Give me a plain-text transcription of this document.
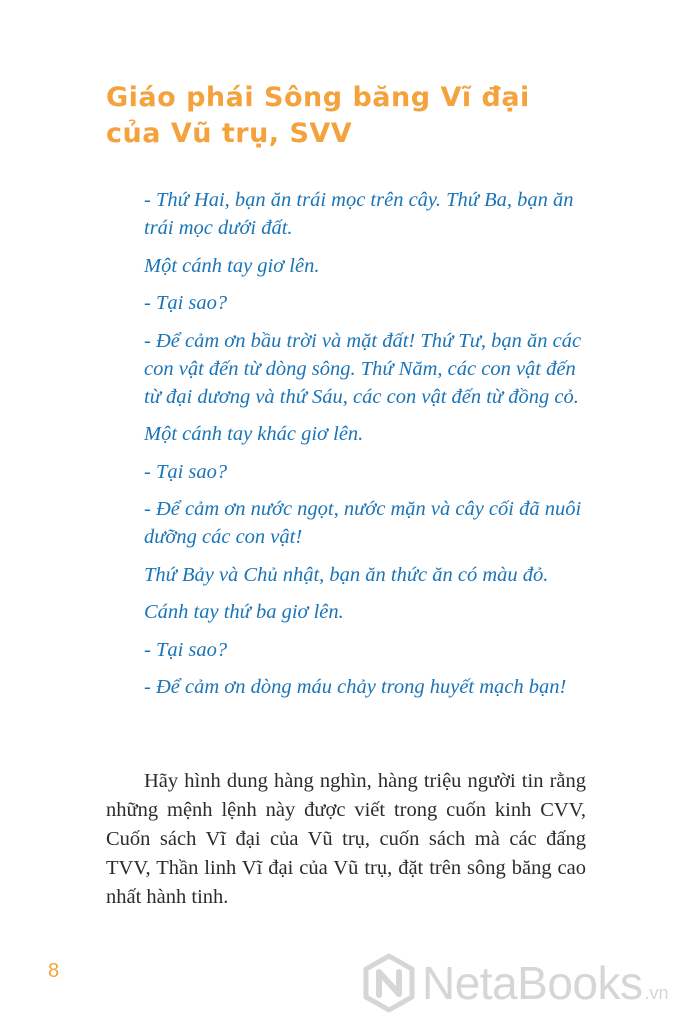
Giáo phái Sông băng Vĩ đại
của Vũ trụ, SVV

- Thứ Hai, bạn ăn trái mọc trên cây. Thứ Ba, bạn ăn trái mọc dưới đất.

Một cánh tay giơ lên.

- Tại sao?

- Để cảm ơn bầu trời và mặt đất! Thứ Tư, bạn ăn các con vật đến từ dòng sông. Thứ Năm, các con vật đến từ đại dương và thứ Sáu, các con vật đến từ đồng cỏ.

Một cánh tay khác giơ lên.

- Tại sao?

- Để cảm ơn nước ngọt, nước mặn và cây cối đã nuôi dưỡng các con vật!

Thứ Bảy và Chủ nhật, bạn ăn thức ăn có màu đỏ.

Cánh tay thứ ba giơ lên.

- Tại sao?

- Để cảm ơn dòng máu chảy trong huyết mạch bạn!

Hãy hình dung hàng nghìn, hàng triệu người tin rằng những mệnh lệnh này được viết trong cuốn kinh CVV, Cuốn sách Vĩ đại của Vũ trụ, cuốn sách mà các đấng TVV, Thần linh Vĩ đại của Vũ trụ, đặt trên sông băng cao nhất hành tinh.

8	NetaBooks .vn
